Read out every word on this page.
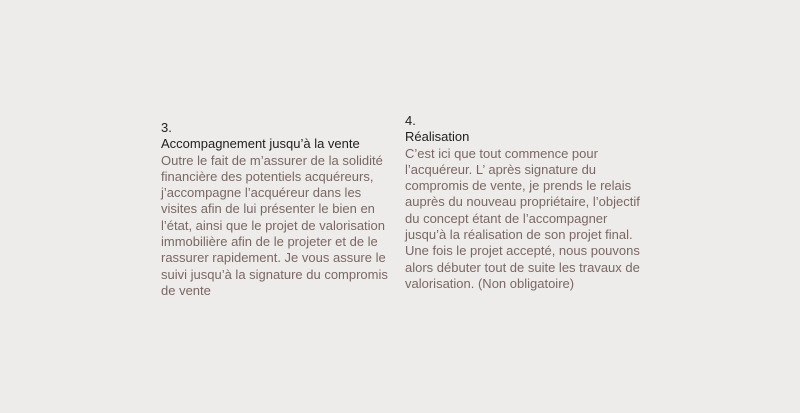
3.
Accompagnement jusqu’à la vente

Outre le fait de m’assurer de la solidité
financière des potentiels acquéreurs,
j’accompagne l’acquéreur dans les
visites afin de lui présenter le bien en
l’état, ainsi que le projet de valorisation
immobilière afin de le projeter et de le
rassurer rapidement. Je vous assure le
suivi jusqu’à la signature du compromis
de vente

4.
Réalisation

C’est ici que tout commence pour
l’acquéreur. L’ après signature du
compromis de vente, je prends le relais
auprès du nouveau propriétaire, l’objectif
du concept étant de l’accompagner
jusqu’à la réalisation de son projet final.
Une fois le projet accepté, nous pouvons
alors débuter tout de suite les travaux de
valorisation. (Non obligatoire)
